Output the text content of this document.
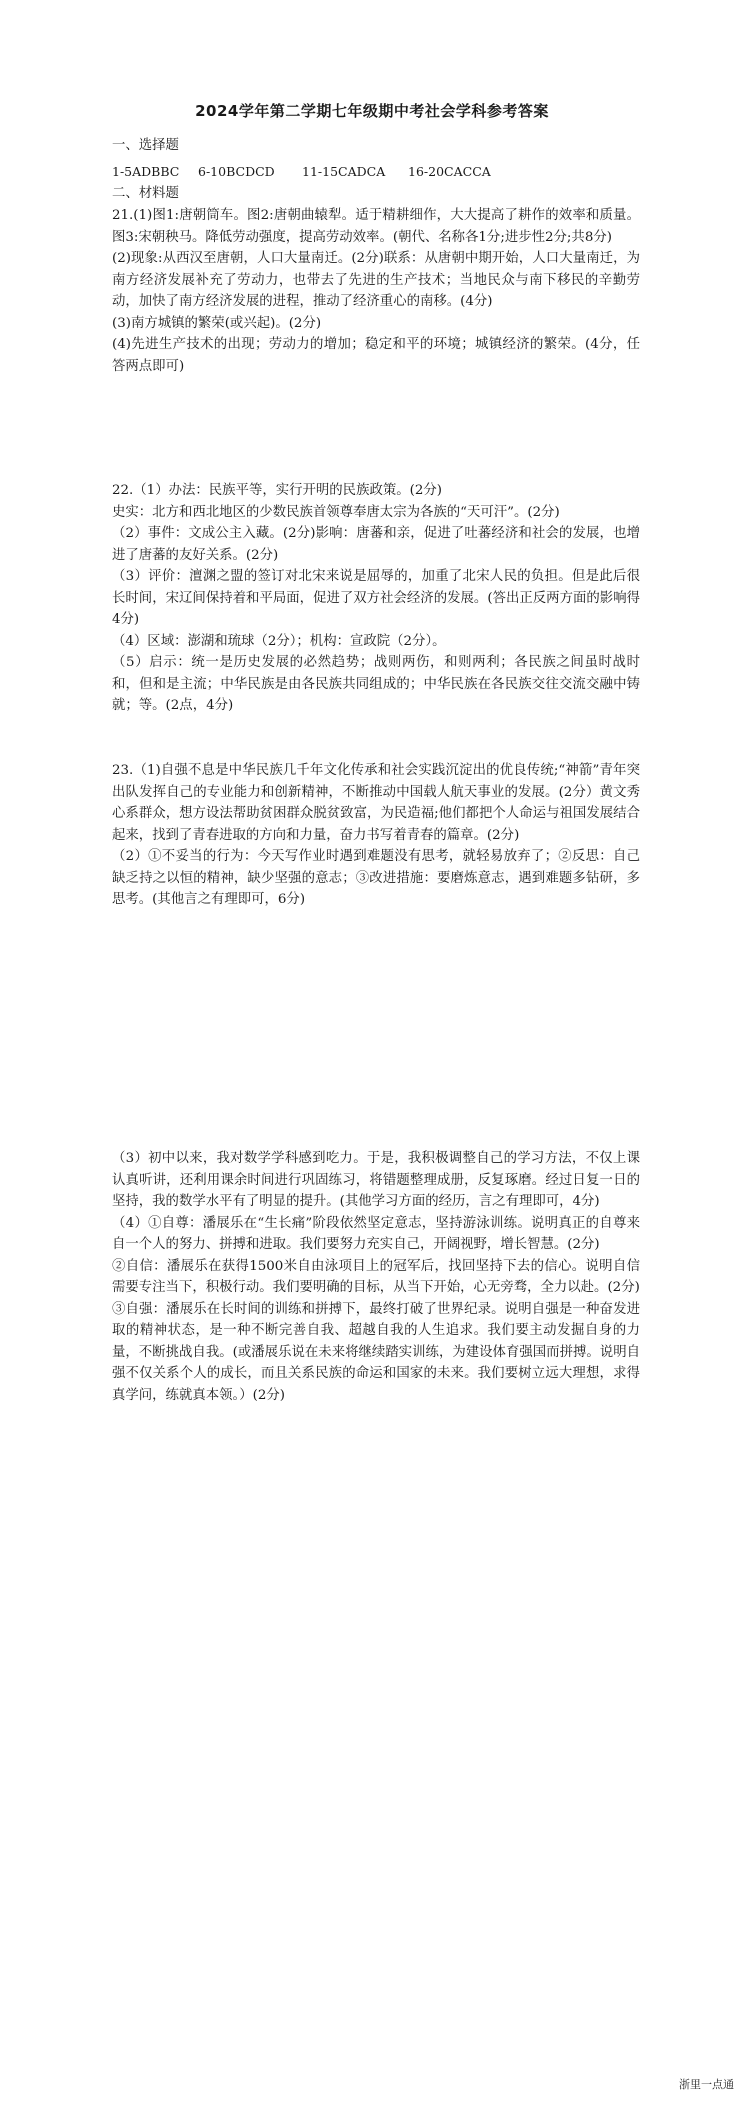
2024学年第二学期七年级期中考社会学科参考答案

一、选择题

1-5ADBBC 6-10BCDCD 11-15CADCA 16-20CACCA

二、材料题

21.(1)图1:唐朝筒车。图2:唐朝曲辕犁。适于精耕细作，大大提高了耕作的效率和质量。图3:宋朝秧马。降低劳动强度，提高劳动效率。(朝代、名称各1分;进步性2分;共8分)

(2)现象:从西汉至唐朝，人口大量南迁。(2分)联系：从唐朝中期开始，人口大量南迁，为南方经济发展补充了劳动力，也带去了先进的生产技术；当地民众与南下移民的辛勤劳动，加快了南方经济发展的进程，推动了经济重心的南移。(4分)

(3)南方城镇的繁荣(或兴起)。(2分)

(4)先进生产技术的出现；劳动力的增加；稳定和平的环境；城镇经济的繁荣。(4分，任答两点即可)

22.（1）办法：民族平等，实行开明的民族政策。(2分)

史实：北方和西北地区的少数民族首领尊奉唐太宗为各族的“天可汗”。(2分)

（2）事件：文成公主入藏。(2分)影响：唐蕃和亲，促进了吐蕃经济和社会的发展，也增进了唐蕃的友好关系。(2分)

（3）评价：澶渊之盟的签订对北宋来说是屈辱的，加重了北宋人民的负担。但是此后很长时间，宋辽间保持着和平局面，促进了双方社会经济的发展。(答出正反两方面的影响得4分)

（4）区域：澎湖和琉球（2分）；机构：宣政院（2分）。

（5）启示：统一是历史发展的必然趋势；战则两伤，和则两利；各民族之间虽时战时和，但和是主流；中华民族是由各民族共同组成的；中华民族在各民族交往交流交融中铸就；等。(2点，4分)

23.（1)自强不息是中华民族几千年文化传承和社会实践沉淀出的优良传统;“神箭”青年突出队发挥自己的专业能力和创新精神，不断推动中国载人航天事业的发展。(2分）黄文秀心系群众，想方设法帮助贫困群众脱贫致富，为民造福;他们都把个人命运与祖国发展结合起来，找到了青春进取的方向和力量，奋力书写着青春的篇章。(2分)

（2）①不妥当的行为：今天写作业时遇到难题没有思考，就轻易放弃了；②反思：自己缺乏持之以恒的精神，缺少坚强的意志；③改进措施：要磨炼意志，遇到难题多钻研，多思考。(其他言之有理即可，6分)

（3）初中以来，我对数学学科感到吃力。于是，我积极调整自己的学习方法，不仅上课认真听讲，还利用课余时间进行巩固练习，将错题整理成册，反复琢磨。经过日复一日的坚持，我的数学水平有了明显的提升。(其他学习方面的经历，言之有理即可，4分)

（4）①自尊：潘展乐在“生长痛”阶段依然坚定意志，坚持游泳训练。说明真正的自尊来自一个人的努力、拼搏和进取。我们要努力充实自己，开阔视野，增长智慧。(2分)

②自信：潘展乐在获得1500米自由泳项目上的冠军后，找回坚持下去的信心。说明自信需要专注当下，积极行动。我们要明确的目标，从当下开始，心无旁骛，全力以赴。(2分)

③自强：潘展乐在长时间的训练和拼搏下，最终打破了世界纪录。说明自强是一种奋发进取的精神状态，是一种不断完善自我、超越自我的人生追求。我们要主动发掘自身的力量，不断挑战自我。(或潘展乐说在未来将继续踏实训练，为建设体育强国而拼搏。说明自强不仅关系个人的成长，而且关系民族的命运和国家的未来。我们要树立远大理想，求得真学问，练就真本领。）(2分)

浙里一点通
